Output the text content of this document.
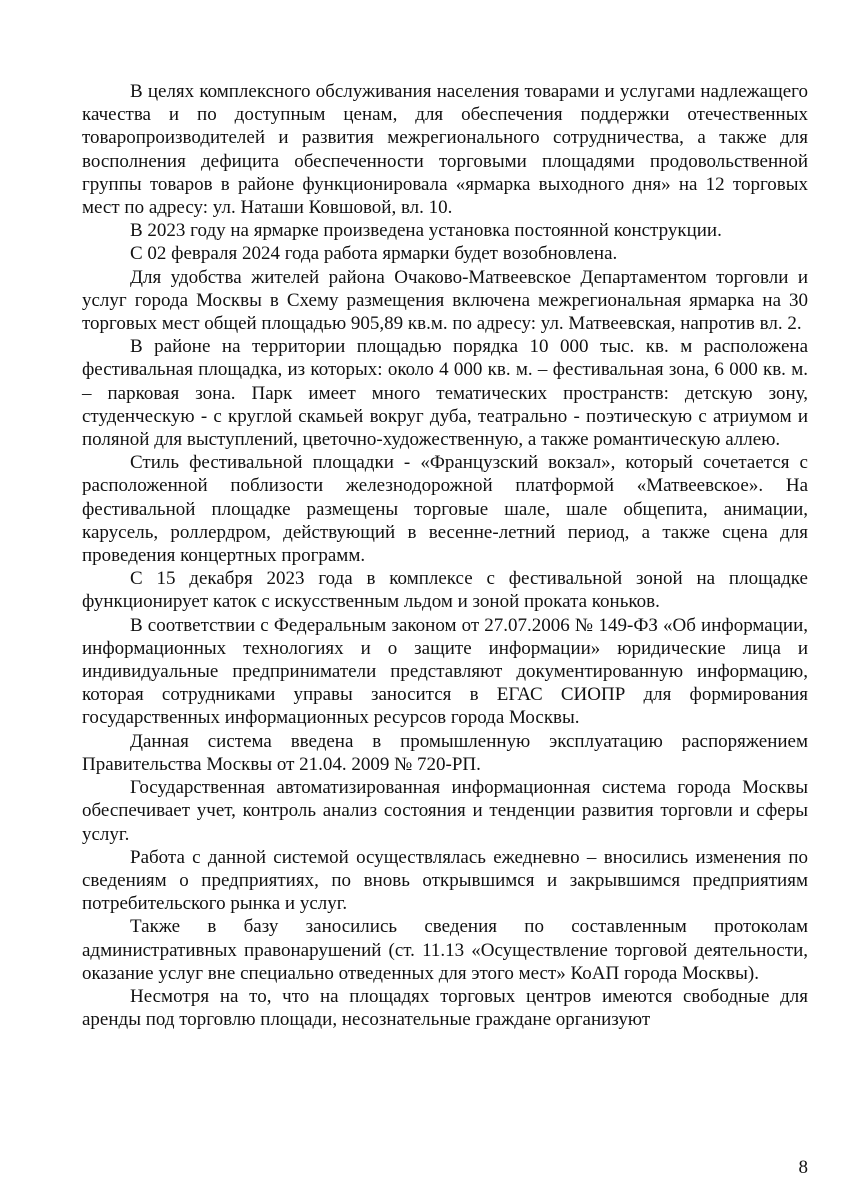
В целях комплексного обслуживания населения товарами и услугами надлежащего качества и по доступным ценам, для обеспечения поддержки отечественных товаропроизводителей и развития межрегионального сотрудничества, а также для восполнения дефицита обеспеченности торговыми площадями продовольственной группы товаров в районе функционировала «ярмарка выходного дня» на 12 торговых мест по адресу: ул. Наташи Ковшовой, вл. 10.

В 2023 году на ярмарке произведена установка постоянной конструкции.

С 02 февраля 2024 года работа ярмарки будет возобновлена.

Для удобства жителей района Очаково-Матвеевское Департаментом торговли и услуг города Москвы в Схему размещения включена межрегиональная ярмарка на 30 торговых мест общей площадью 905,89 кв.м. по адресу: ул. Матвеевская, напротив вл. 2.

В районе на территории площадью порядка 10 000 тыс. кв. м расположена фестивальная площадка, из которых: около 4 000 кв. м. – фестивальная зона, 6 000 кв. м. – парковая зона. Парк имеет много тематических пространств: детскую зону, студенческую - с круглой скамьей вокруг дуба, театрально - поэтическую с атриумом и поляной для выступлений, цветочно-художественную, а также романтическую аллею.

Стиль фестивальной площадки - «Французский вокзал», который сочетается с расположенной поблизости железнодорожной платформой «Матвеевское». На фестивальной площадке размещены торговые шале, шале общепита, анимации, карусель, роллердром, действующий в весенне-летний период, а также сцена для проведения концертных программ.

С 15 декабря 2023 года в комплексе с фестивальной зоной на площадке функционирует каток с искусственным льдом и зоной проката коньков.

В соответствии с Федеральным законом от 27.07.2006 № 149-ФЗ «Об информации, информационных технологиях и о защите информации» юридические лица и индивидуальные предприниматели представляют документированную информацию, которая сотрудниками управы заносится в ЕГАС СИОПР для формирования государственных информационных ресурсов города Москвы.

Данная система введена в промышленную эксплуатацию распоряжением Правительства Москвы от 21.04. 2009 № 720-РП.

Государственная автоматизированная информационная система города Москвы обеспечивает учет, контроль анализ состояния и тенденции развития торговли и сферы услуг.

Работа с данной системой осуществлялась ежедневно – вносились изменения по сведениям о предприятиях, по вновь открывшимся и закрывшимся предприятиям потребительского рынка и услуг.

Также в базу заносились сведения по составленным протоколам административных правонарушений (ст. 11.13 «Осуществление торговой деятельности, оказание услуг вне специально отведенных для этого мест» КоАП города Москвы).

Несмотря на то, что на площадях торговых центров имеются свободные для аренды под торговлю площади, несознательные граждане организуют

8
